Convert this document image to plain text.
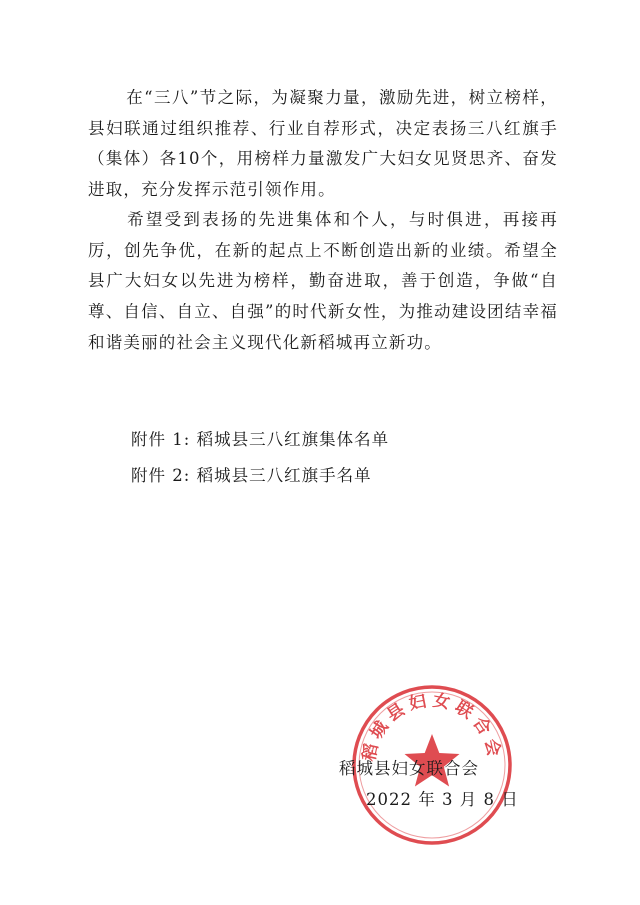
在“三八”节之际，为凝聚力量，激励先进，树立榜样，县妇联通过组织推荐、行业自荐形式，决定表扬三八红旗手（集体）各10个，用榜样力量激发广大妇女见贤思齐、奋发进取，充分发挥示范引领作用。

希望受到表扬的先进集体和个人，与时俱进，再接再厉，创先争优，在新的起点上不断创造出新的业绩。希望全县广大妇女以先进为榜样，勤奋进取，善于创造，争做“自尊、自信、自立、自强”的时代新女性，为推动建设团结幸福和谐美丽的社会主义现代化新稻城再立新功。

附件 1: 稻城县三八红旗集体名单

附件 2: 稻城县三八红旗手名单

稻城县妇女联合会

稻城县妇女联合会

2022 年 3 月 8 日
